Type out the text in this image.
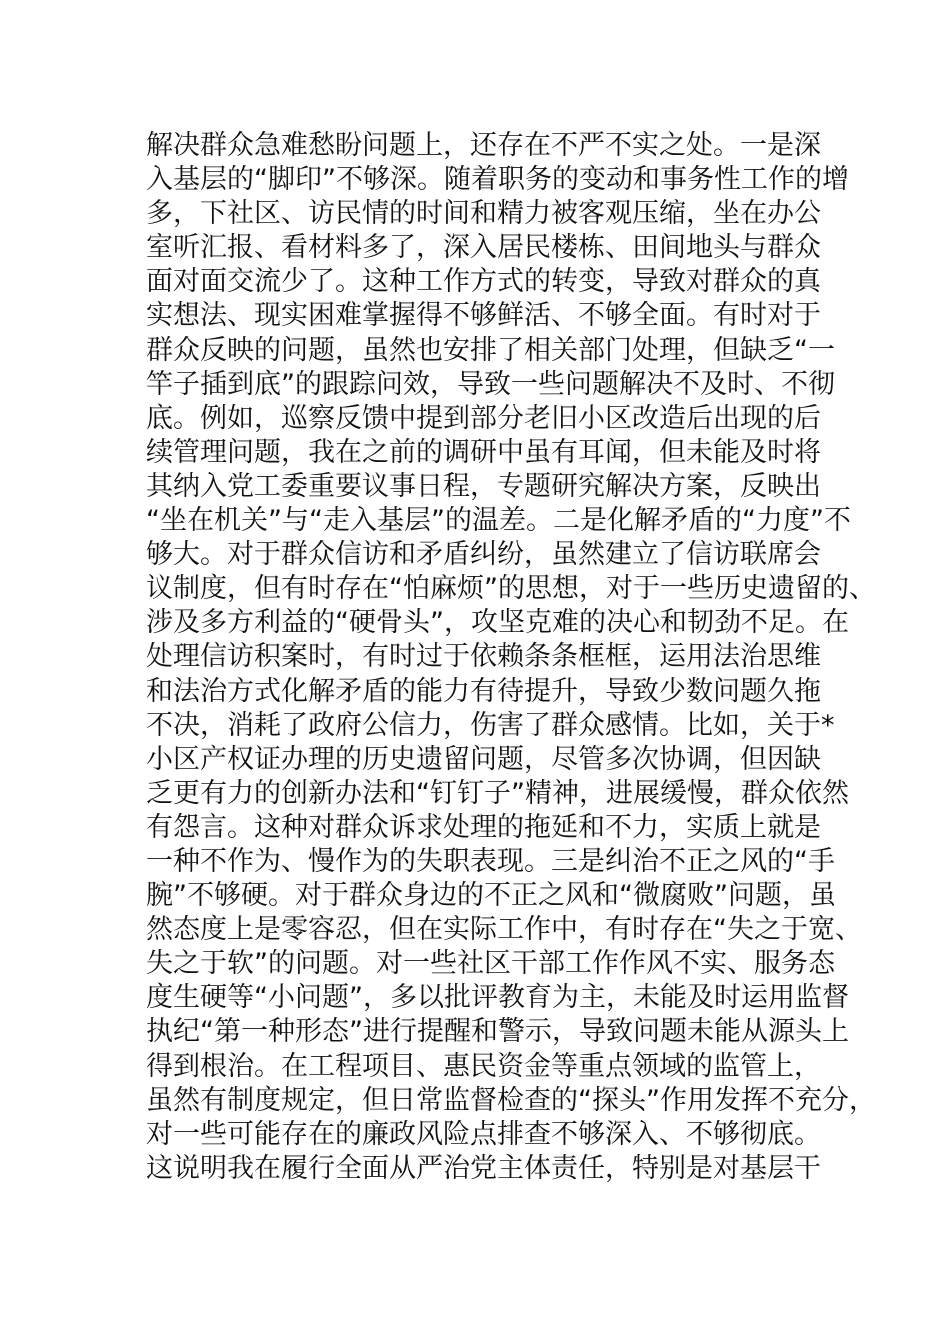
解决群众急难愁盼问题上，还存在不严不实之处。一是深
入基层的“脚印”不够深。随着职务的变动和事务性工作的增
多，下社区、访民情的时间和精力被客观压缩，坐在办公
室听汇报、看材料多了，深入居民楼栋、田间地头与群众
面对面交流少了。这种工作方式的转变，导致对群众的真
实想法、现实困难掌握得不够鲜活、不够全面。有时对于
群众反映的问题，虽然也安排了相关部门处理，但缺乏“一
竿子插到底”的跟踪问效，导致一些问题解决不及时、不彻
底。例如，巡察反馈中提到部分老旧小区改造后出现的后
续管理问题，我在之前的调研中虽有耳闻，但未能及时将
其纳入党工委重要议事日程，专题研究解决方案，反映出
“坐在机关”与“走入基层”的温差。二是化解矛盾的“力度”不
够大。对于群众信访和矛盾纠纷，虽然建立了信访联席会
议制度，但有时存在“怕麻烦”的思想，对于一些历史遗留的、
涉及多方利益的“硬骨头”，攻坚克难的决心和韧劲不足。在
处理信访积案时，有时过于依赖条条框框，运用法治思维
和法治方式化解矛盾的能力有待提升，导致少数问题久拖
不决，消耗了政府公信力，伤害了群众感情。比如，关于*
小区产权证办理的历史遗留问题，尽管多次协调，但因缺
乏更有力的创新办法和“钉钉子”精神，进展缓慢，群众依然
有怨言。这种对群众诉求处理的拖延和不力，实质上就是
一种不作为、慢作为的失职表现。三是纠治不正之风的“手
腕”不够硬。对于群众身边的不正之风和“微腐败”问题，虽
然态度上是零容忍，但在实际工作中，有时存在“失之于宽、
失之于软”的问题。对一些社区干部工作作风不实、服务态
度生硬等“小问题”，多以批评教育为主，未能及时运用监督
执纪“第一种形态”进行提醒和警示，导致问题未能从源头上
得到根治。在工程项目、惠民资金等重点领域的监管上，
虽然有制度规定，但日常监督检查的“探头”作用发挥不充分，
对一些可能存在的廉政风险点排查不够深入、不够彻底。
这说明我在履行全面从严治党主体责任，特别是对基层干
